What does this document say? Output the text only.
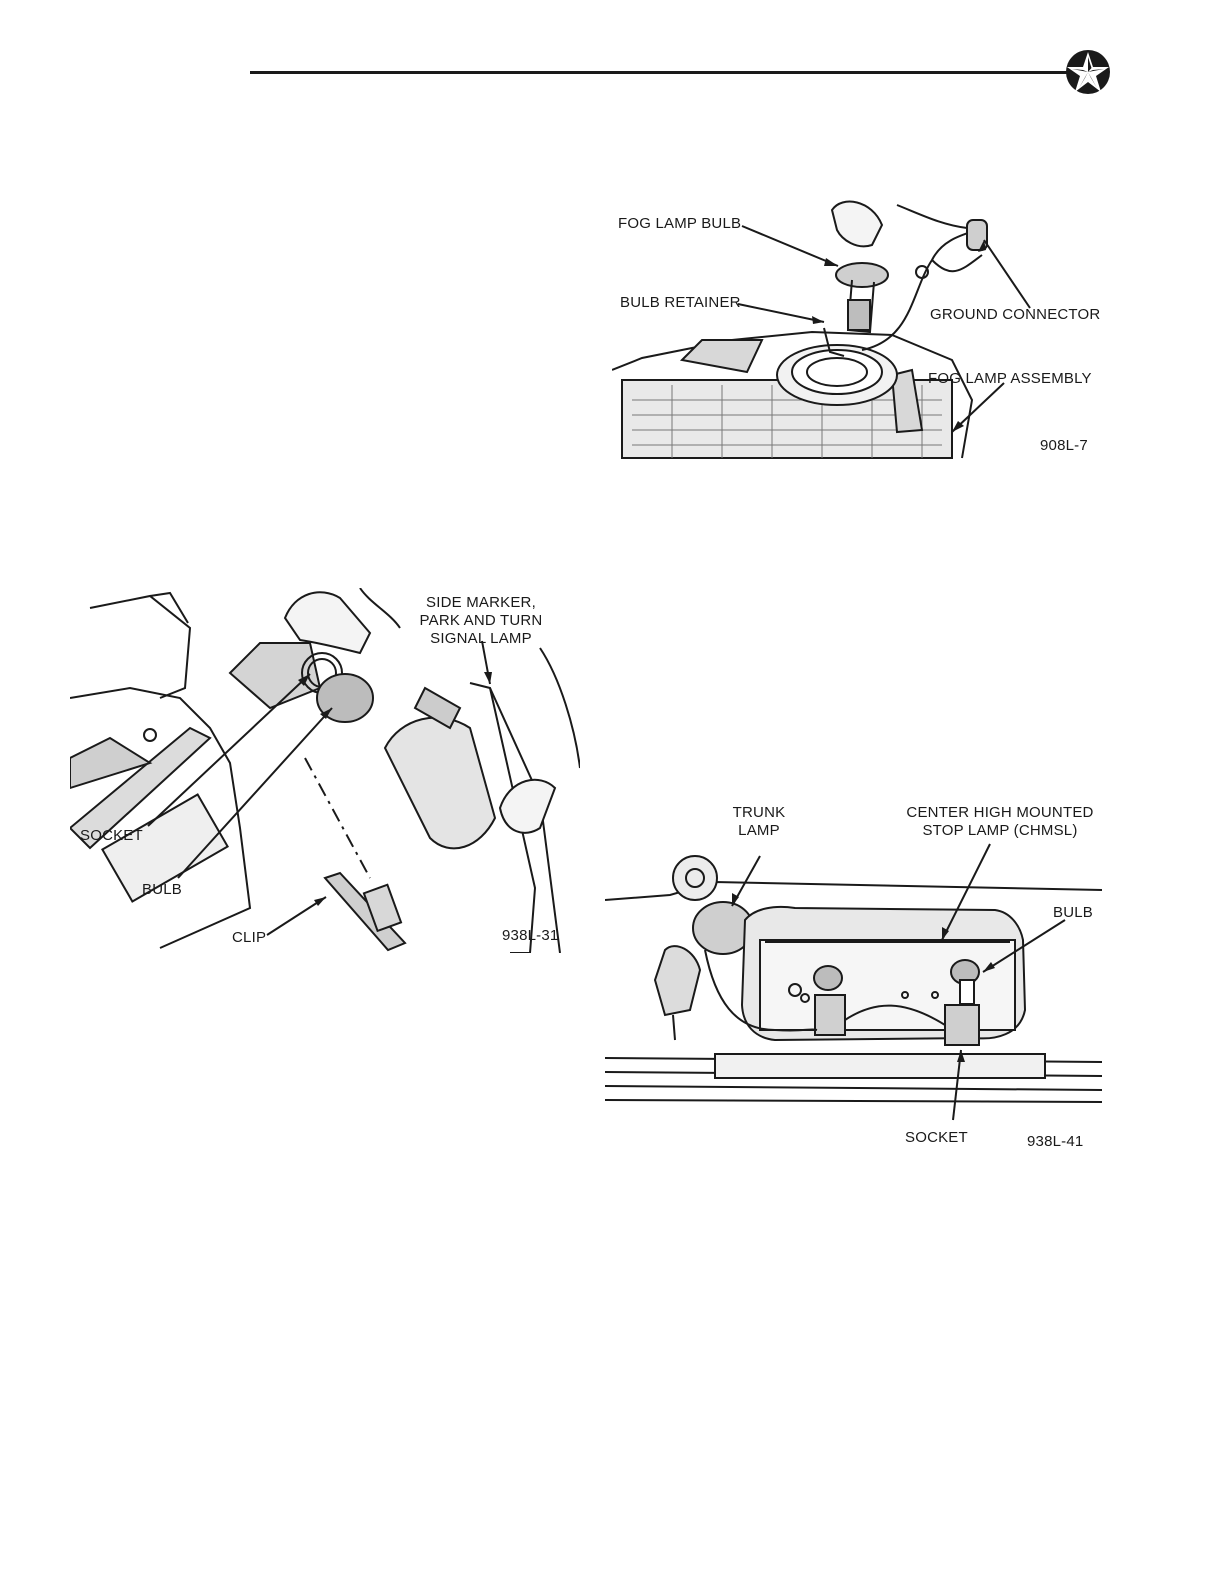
FOG LAMP BULB
BULB RETAINER
GROUND CONNECTOR
FOG LAMP ASSEMBLY
908L-7
SIDE MARKER,
PARK AND TURN
SIGNAL LAMP
SOCKET
BULB
CLIP	938L-31
TRUNK
LAMP
CENTER HIGH MOUNTED
STOP LAMP (CHMSL)
BULB
SOCKET	938L-41
